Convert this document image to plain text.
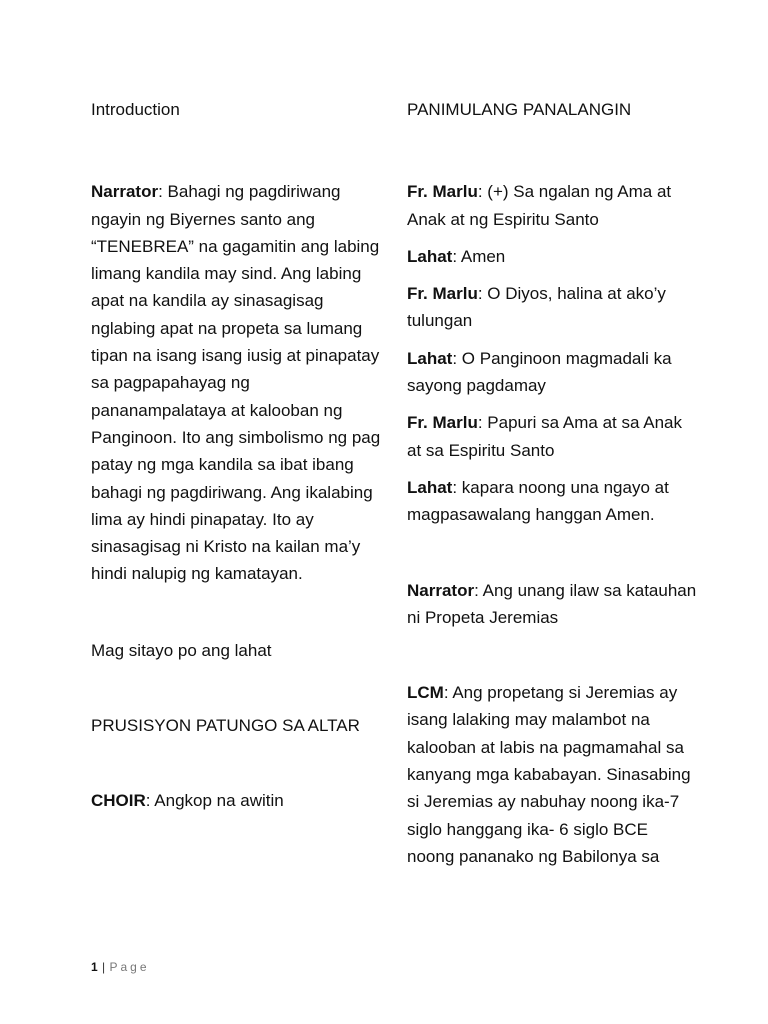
Introduction

Narrator: Bahagi ng pagdiriwang ngayin ng Biyernes santo ang “TENEBREA” na gagamitin ang labing limang kandila may sind. Ang labing apat na kandila ay sinasagisag nglabing apat na propeta sa lumang tipan na isang isang iusig at pinapatay sa pagpapahayag ng pananampalataya at kalooban ng Panginoon. Ito ang simbolismo ng pag patay ng mga kandila sa ibat ibang bahagi ng pagdiriwang. Ang ikalabing lima ay hindi pinapatay. Ito ay sinasagisag ni Kristo na kailan ma’y hindi nalupig ng kamatayan.

Mag sitayo po ang lahat

PRUSISYON PATUNGO SA ALTAR

CHOIR: Angkop na awitin

PANIMULANG PANALANGIN

Fr. Marlu: (+) Sa ngalan ng Ama at Anak at ng Espiritu Santo

Lahat: Amen

Fr. Marlu: O Diyos, halina at ako’y tulungan

Lahat: O Panginoon magmadali ka sayong pagdamay

Fr. Marlu: Papuri sa Ama at sa Anak at sa Espiritu Santo

Lahat: kapara noong una ngayo at magpasawalang hanggan Amen.

Narrator: Ang unang ilaw sa katauhan ni Propeta Jeremias

LCM: Ang propetang si Jeremias ay isang lalaking may malambot na kalooban at labis na pagmamahal sa kanyang mga kababayan. Sinasabing si Jeremias ay nabuhay noong ika-7 siglo hanggang ika- 6 siglo BCE noong pananako ng Babilonya sa

1 | Page
